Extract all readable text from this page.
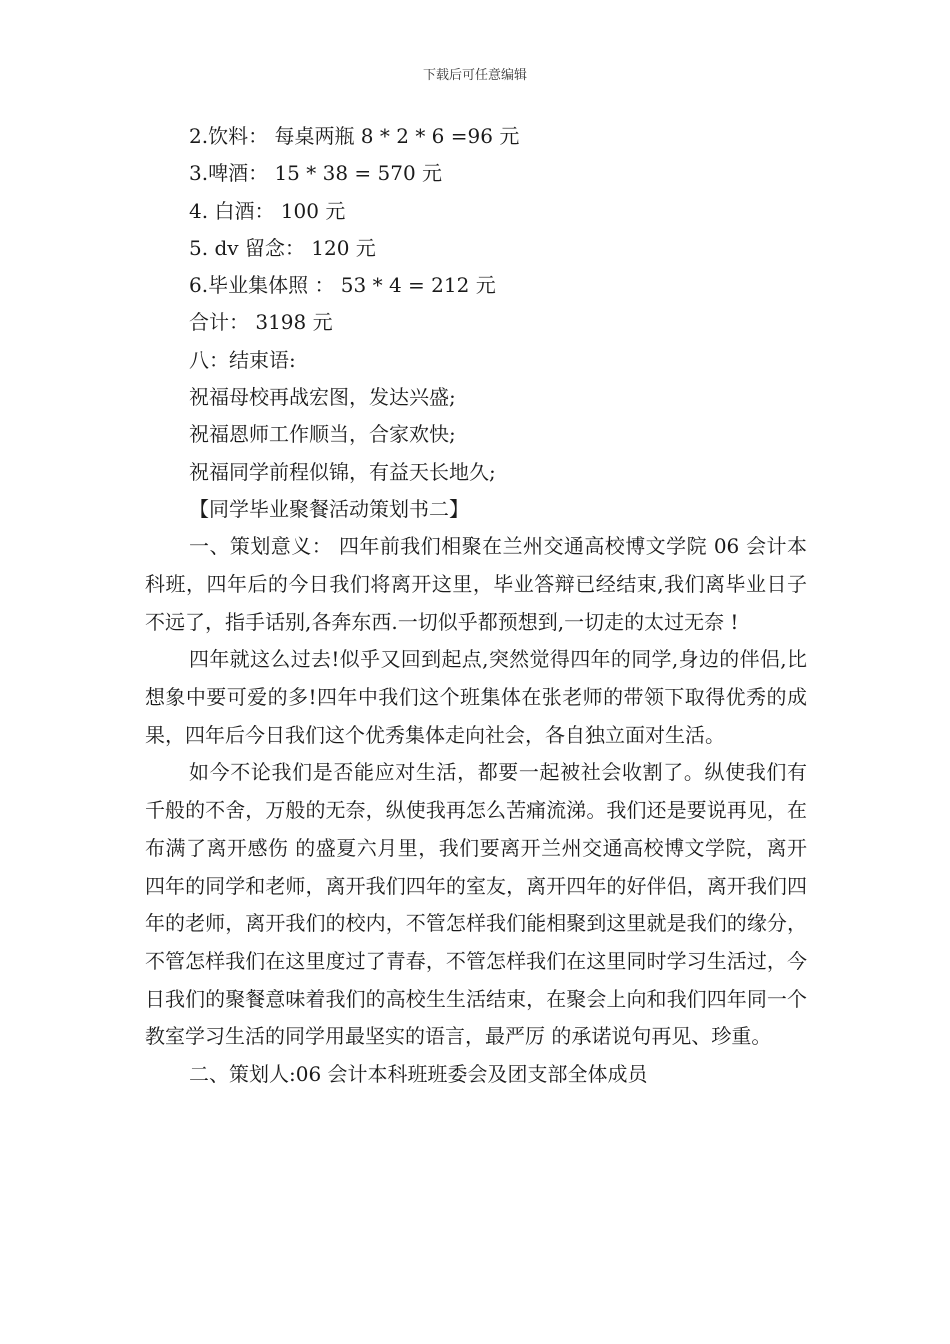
下载后可任意编辑

2.饮料： 每桌两瓶 8 * 2 * 6 =96 元

3.啤酒： 15 * 38 = 570 元

4. 白酒： 100 元

5. dv 留念： 120 元

6.毕业集体照 ： 53 * 4 = 212 元

合计： 3198 元

八：结束语:

祝福母校再战宏图，发达兴盛;

祝福恩师工作顺当，合家欢快;

祝福同学前程似锦，有益天长地久;

【同学毕业聚餐活动策划书二】

一、策划意义： 四年前我们相聚在兰州交通高校博文学院 06 会计本科班，四年后的今日我们将离开这里，毕业答辩已经结束,我们离毕业日子不远了，指手话别,各奔东西.一切似乎都预想到,一切走的太过无奈 !

四年就这么过去!似乎又回到起点,突然觉得四年的同学,身边的伴侣,比想象中要可爱的多!四年中我们这个班集体在张老师的带领下取得优秀的成果，四年后今日我们这个优秀集体走向社会，各自独立面对生活。

如今不论我们是否能应对生活，都要一起被社会收割了。纵使我们有千般的不舍，万般的无奈，纵使我再怎么苦痛流涕。我们还是要说再见，在布满了离开感伤 的盛夏六月里，我们要离开兰州交通高校博文学院，离开四年的同学和老师，离开我们四年的室友，离开四年的好伴侣，离开我们四年的老师，离开我们的校内，不管怎样我们能相聚到这里就是我们的缘分，不管怎样我们在这里度过了青春，不管怎样我们在这里同时学习生活过，今日我们的聚餐意味着我们的高校生生活结束，在聚会上向和我们四年同一个教室学习生活的同学用最坚实的语言，最严厉 的承诺说句再见、珍重。

二、策划人:06 会计本科班班委会及团支部全体成员
